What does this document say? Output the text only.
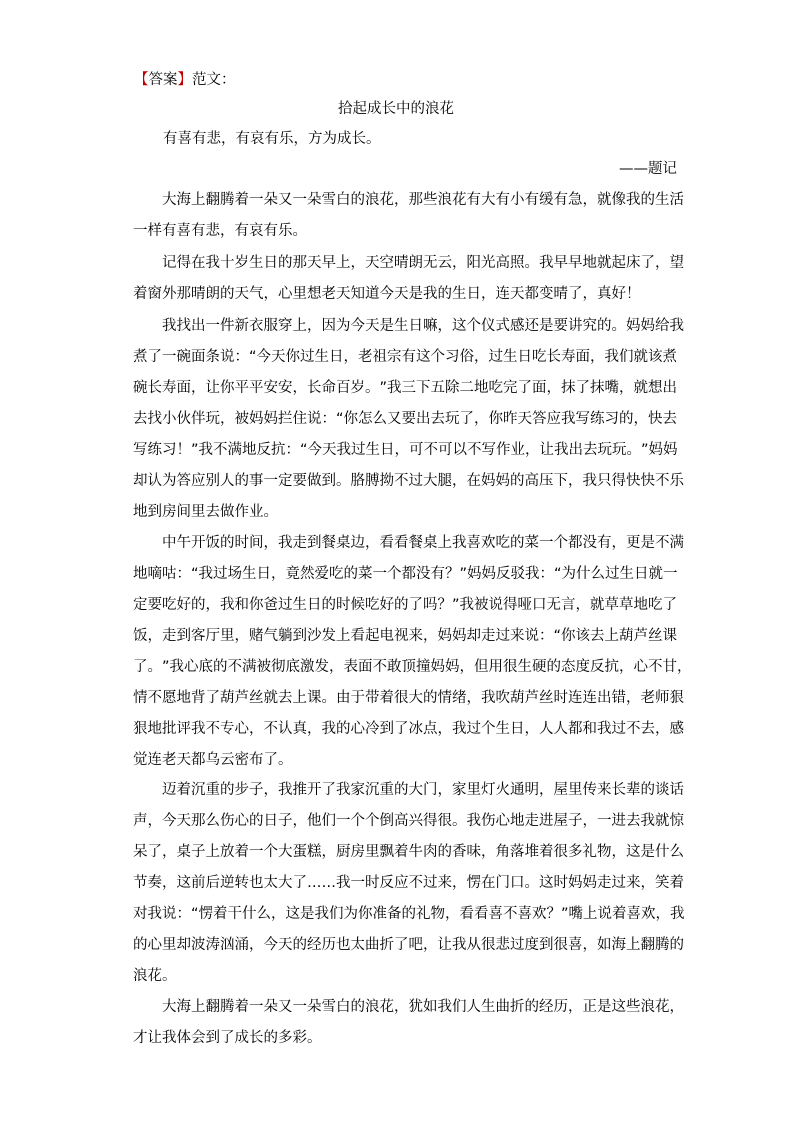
【答案】范文：
拾起成长中的浪花
有喜有悲，有哀有乐，方为成长。
——题记
大 海 上 翻 腾 着 一 朵 又 一 朵 雪 白 的 浪 花 ， 那 些 浪 花 有 大 有 小 有 缓 有 急 ， 就 像 我 的 生 活
一样有喜有悲，有哀有乐。
记 得 在 我 十 岁 生 日 的 那 天 早 上 ， 天 空 晴 朗 无 云 ， 阳 光 高 照 。 我 早 早 地 就 起 床 了 ， 望
着窗外那晴朗的天气，心里想老天知道今天是我的生日，连天都变晴了，真好！
我 找 出 一 件 新 衣 服 穿 上 ， 因 为 今 天 是 生 日 嘛 ， 这 个 仪 式 感 还 是 要 讲 究 的 。 妈 妈 给 我
煮 了 一 碗 面 条 说 ： “ 今 天 你 过 生 日 ， 老 祖 宗 有 这 个 习 俗 ， 过 生 日 吃 长 寿 面 ， 我 们 就 该 煮
碗 长 寿 面 ， 让 你 平 平 安 安 ， 长 命 百 岁 。 ” 我 三 下 五 除 二 地 吃 完 了 面 ， 抹 了 抹 嘴 ， 就 想 出
去 找 小 伙 伴 玩 ， 被 妈 妈 拦 住 说 ： “ 你 怎 么 又 要 出 去 玩 了 ， 你 昨 天 答 应 我 写 练 习 的 ， 快 去
写 练 习 ！ ” 我 不 满 地 反 抗 ： “ 今 天 我 过 生 日 ， 可 不 可 以 不 写 作 业 ， 让 我 出 去 玩 玩 。 ” 妈 妈
却 认 为 答 应 别 人 的 事 一 定 要 做 到 。 胳 膊 拗 不 过 大 腿 ， 在 妈 妈 的 高 压 下 ， 我 只 得 快 快 不 乐
地到房间里去做作业。
中 午 开 饭 的 时 间 ， 我 走 到 餐 桌 边 ， 看 看 餐 桌 上 我 喜 欢 吃 的 菜 一 个 都 没 有 ， 更 是 不 满
地 嘀 咕 ： “ 我 过 场 生 日 ， 竟 然 爱 吃 的 菜 一 个 都 没 有 ？ ” 妈 妈 反 驳 我 ： “ 为 什 么 过 生 日 就 一
定 要 吃 好 的 ， 我 和 你 爸 过 生 日 的 时 候 吃 好 的 了 吗 ？ ” 我 被 说 得 哑 口 无 言 ， 就 草 草 地 吃 了
饭 ， 走 到 客 厅 里 ， 赌 气 躺 到 沙 发 上 看 起 电 视 来 ， 妈 妈 却 走 过 来 说 ： “ 你 该 去 上 葫 芦 丝 课
了 。 ” 我 心 底 的 不 满 被 彻 底 激 发 ， 表 面 不 敢 顶 撞 妈 妈 ， 但 用 很 生 硬 的 态 度 反 抗 ， 心 不 甘 ，
情 不 愿 地 背 了 葫 芦 丝 就 去 上 课 。 由 于 带 着 很 大 的 情 绪 ， 我 吹 葫 芦 丝 时 连 连 出 错 ， 老 师 狠
狠 地 批 评 我 不 专 心 ， 不 认 真 ， 我 的 心 冷 到 了 冰 点 ， 我 过 个 生 日 ， 人 人 都 和 我 过 不 去 ， 感
觉连老天都乌云密布了。
迈 着 沉 重 的 步 子 ， 我 推 开 了 我 家 沉 重 的 大 门 ， 家 里 灯 火 通 明 ， 屋 里 传 来 长 辈 的 谈 话
声 ， 今 天 那 么 伤 心 的 日 子 ， 他 们 一 个 个 倒 高 兴 得 很 。 我 伤 心 地 走 进 屋 子 ， 一 进 去 我 就 惊
呆 了 ， 桌 子 上 放 着 一 个 大 蛋 糕 ， 厨 房 里 飘 着 牛 肉 的 香 味 ， 角 落 堆 着 很 多 礼 物 ， 这 是 什 么
节 奏 ， 这 前 后 逆 转 也 太 大 了 … … 我 一 时 反 应 不 过 来 ， 愣 在 门 口 。 这 时 妈 妈 走 过 来 ， 笑 着
对 我 说 ： “ 愣 着 干 什 么 ， 这 是 我 们 为 你 准 备 的 礼 物 ， 看 看 喜 不 喜 欢 ？ ” 嘴 上 说 着 喜 欢 ， 我
的 心 里 却 波 涛 汹 涌 ， 今 天 的 经 历 也 太 曲 折 了 吧 ， 让 我 从 很 悲 过 度 到 很 喜 ， 如 海 上 翻 腾 的
浪花。
大 海 上 翻 腾 着 一 朵 又 一 朵 雪 白 的 浪 花 ， 犹 如 我 们 人 生 曲 折 的 经 历 ， 正 是 这 些 浪 花 ，
才让我体会到了成长的多彩。
